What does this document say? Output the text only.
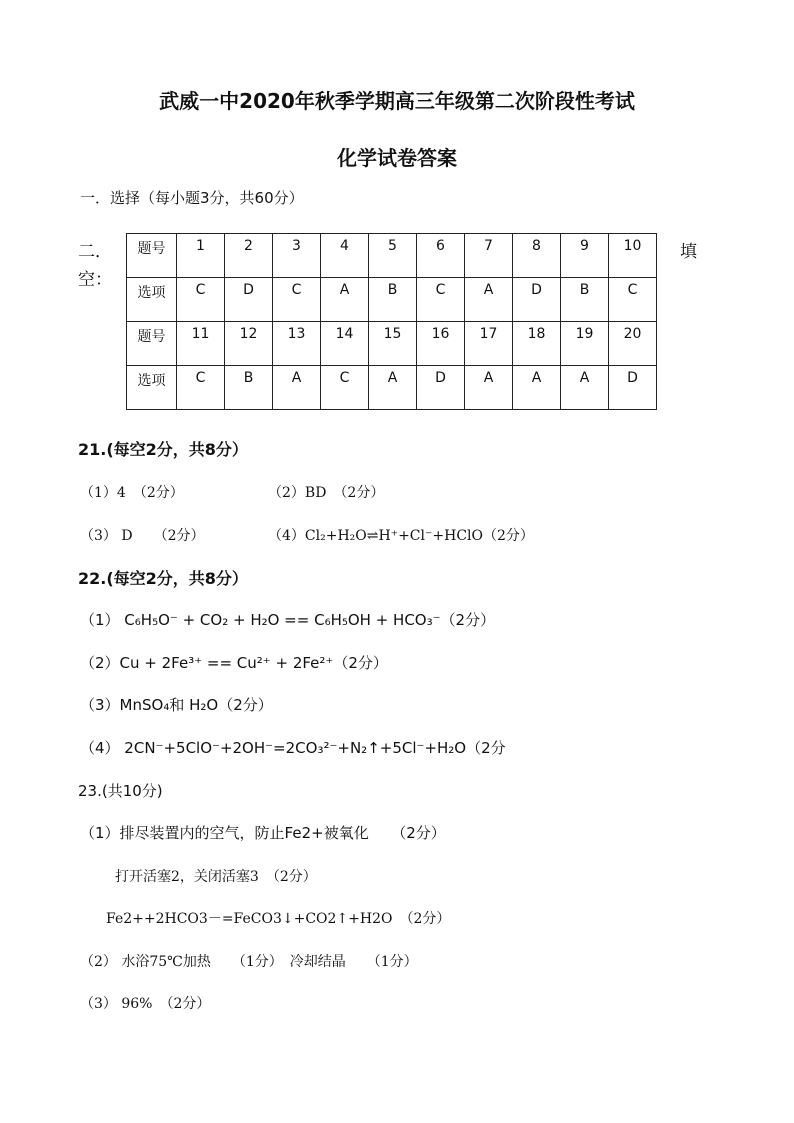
武威一中2020年秋季学期高三年级第二次阶段性考试
化学试卷答案
一．选择（每小题3分，共60分）
二．
空：
填
题号	1	2	3	4	5	6	7	8	9	10
选项	C	D	C	A	B	C	A	D	B	C
题号	11	12	13	14	15	16	17	18	19	20
选项	C	B	A	C	A	D	A	A	A	D
21.(每空2分，共8分）
（1）4　（2分）	（2）BD　（2分）
（3） D　　（2分）	（4）Cl₂+H₂O⇌H⁺+Cl⁻+HClO（2分）
22.(每空2分，共8分）
（1） C₆H₅O⁻ + CO₂ + H₂O == C₆H₅OH + HCO₃⁻（2分）
（2）Cu + 2Fe³⁺ == Cu²⁺ + 2Fe²⁺（2分）
（3）MnSO₄和 H₂O（2分）
（4） 2CN⁻+5ClO⁻+2OH⁻=2CO₃²⁻+N₂↑+5Cl⁻+H₂O（2分
23.(共10分)
（1）排尽装置内的空气，防止Fe2+被氧化　　（2分）
打开活塞2，关闭活塞3　（2分）
Fe2++2HCO3－=FeCO3↓+CO2↑+H2O　（2分）
（2） 水浴75℃加热　　（1分）　冷却结晶　　（1分）
（3） 96%　（2分）
